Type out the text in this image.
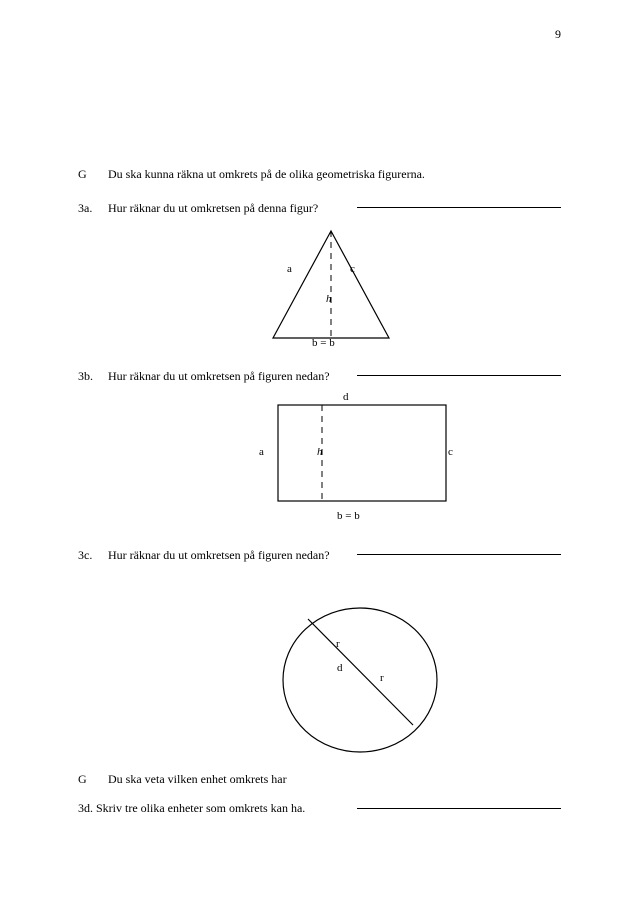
9
G Du ska kunna räkna ut omkrets på de olika geometriska figurerna.
3a. Hur räknar du ut omkretsen på denna figur?
a	c
h
b = b
3b. Hur räknar du ut omkretsen på figuren nedan?
d
a	c
h
b = b
3c. Hur räknar du ut omkretsen på figuren nedan?
r
d
r
G Du ska veta vilken enhet omkrets har
3d. Skriv tre olika enheter som omkrets kan ha.
